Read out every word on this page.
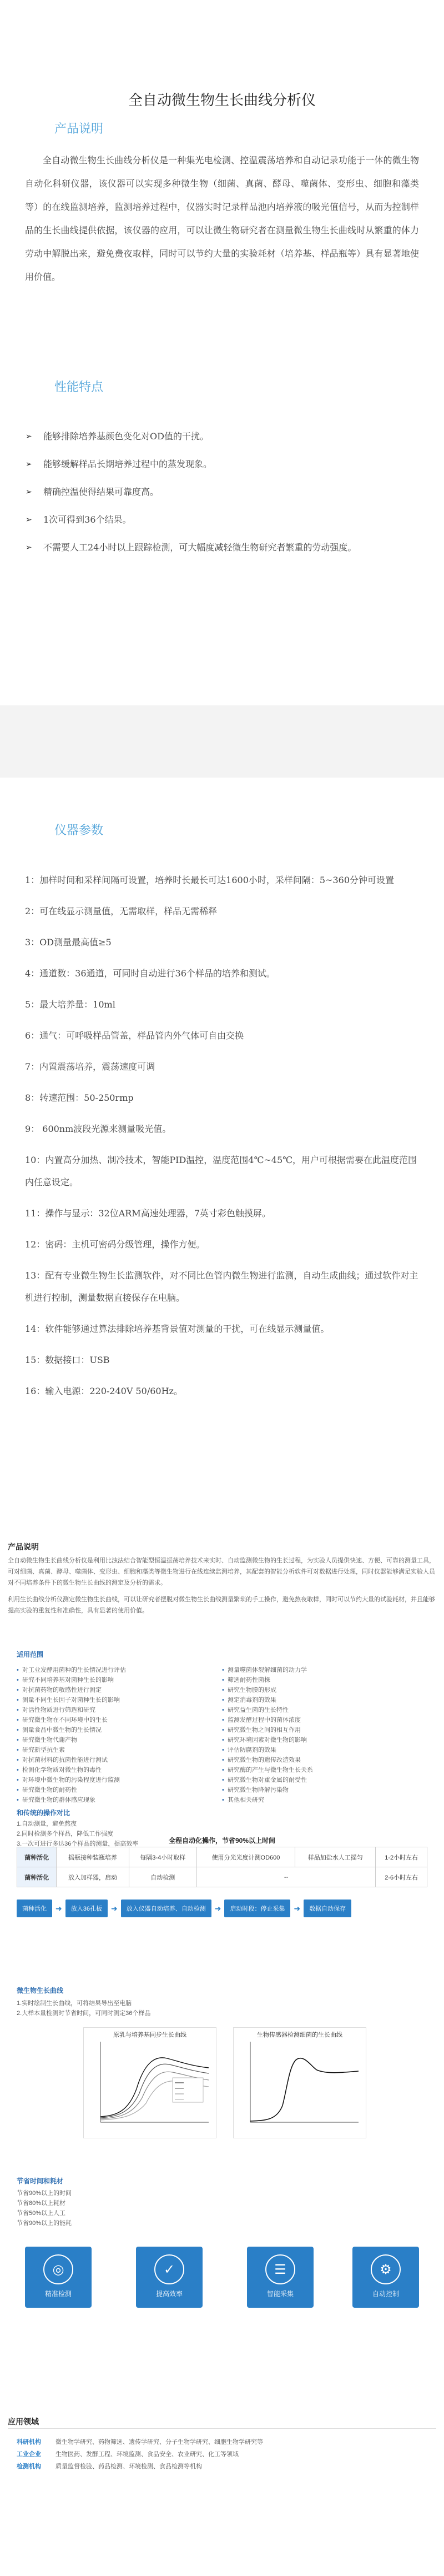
全自动微生物生长曲线分析仪
产品说明
全自动微生物生长曲线分析仪是一种集光电检测、控温震荡培养和自动记录功能于一体的微生物自动化科研仪器，该仪器可以实现多种微生物（细菌、真菌、酵母、噬菌体、变形虫、细胞和藻类等）的在线监测培养，监测培养过程中，仪器实时记录样品池内培养液的吸光值信号，从而为控制样品的生长曲线提供依据，该仪器的应用，可以让微生物研究者在测量微生物生长曲线时从繁重的体力劳动中解脱出来，避免费夜取样，同时可以节约大量的实验耗材（培养基、样品瓶等）具有显著地使用价值。
性能特点
➢ 能够排除培养基颜色变化对OD值的干扰。
➢ 能够缓解样品长期培养过程中的蒸发现象。
➢ 精确控温使得结果可靠度高。
➢ 1次可得到36个结果。
➢ 不需要人工24小时以上跟踪检测，可大幅度减轻微生物研究者繁重的劳动强度。
仪器参数

1：加样时间和采样间隔可设置，培养时长最长可达1600小时，采样间隔：5~360分钟可设置

2：可在线显示测量值，无需取样，样品无需稀释

3：OD测量最高值≥5

4：通道数：36通道，可同时自动进行36个样品的培养和测试。

5：最大培养量：10ml

6：通气：可呼吸样品管盖，样品管内外气体可自由交换

7：内置震荡培养，震荡速度可调

8：转速范围：50-250rmp

9： 600nm波段光源来测量吸光值。

10：内置高分加热、制冷技术，智能PID温控，温度范围4℃~45℃，用户可根据需要在此温度范围内任意设定。

11：操作与显示：32位ARM高速处理器，7英寸彩色触摸屏。

12：密码：主机可密码分级管理，操作方便。

13：配有专业微生物生长监测软件，对不同比色管内微生物进行监测，自动生成曲线；通过软件对主机进行控制，测量数据直接保存在电脑。

14：软件能够通过算法排除培养基背景值对测量的干扰，可在线显示测量值。

15：数据接口：USB

16：输入电源：220-240V 50/60Hz。

产品说明
全自动微生物生长曲线分析仪是利用比浊法结合智能型恒温振荡培养技术来实时、自动监测微生物的生长过程，为实验人员提供快速、方便、可靠的测量工具，可对细菌、真菌、酵母、噬菌体、变形虫、细胞和藻类等微生物进行在线连续监测培养，其配套的智能分析软件可对数据进行处理，同时仪器能够满足实验人员对不同培养条件下的微生物生长曲线的测定及分析的需求。
利用生长曲线分析仪测定微生物生长曲线，可以让研究者摆脱对微生物生长曲线测量繁琐的手工操作，避免熬夜取样，同时可以节约大量的试验耗材，并且能够提高实验的重复性和准确性，具有显著的使用价值。
适用范围
• 对工业发酵用菌种的生长情况进行评估
• 研究不同培养基对菌种生长的影响
• 对抗菌药物的敏感性进行测定
• 测量不同生长因子对菌种生长的影响
• 对活性物质进行筛选和研究
• 研究微生物在不同环境中的生长
• 测量食品中微生物的生长情况
• 研究微生物代谢产物
• 研究新型抗生素
• 对抗菌材料的抗菌性能进行测试
• 检测化学物质对微生物的毒性
• 对环境中微生物的污染程度进行监测
• 研究微生物的耐药性
• 研究微生物的群体感应现象
• 测量噬菌体裂解细菌的动力学
• 筛选耐药性菌株
• 研究生物膜的形成
• 测定消毒剂的效果
• 研究益生菌的生长特性
• 监测发酵过程中的菌体浓度
• 研究微生物之间的相互作用
• 研究环境因素对微生物的影响
• 评估防腐剂的效果
• 研究微生物的遗传改造效果
• 研究酶的产生与微生物生长关系
• 研究微生物对重金属的耐受性
• 研究微生物降解污染物
• 其他相关研究
和传统的操作对比
1.自动测量，避免熬夜
2.同时检测多个样品，降低工作强度
3.一次可进行多达36个样品的测量，提高效率	全程自动化操作，节省90%以上时间
菌种活化	摇瓶接种装瓶培养	每隔3-4小时取样	使用分光光度计测OD600	样品加盐水人工摇匀	1-2小时左右
菌种活化	放入加样器，启动	自动检测	--		2-6小时左右
菌种活化	➜	放入36孔板	➜	放入仪器自动培养、自动检测	➜	启动时段：停止采集	➜	数据自动保存
微生物生长曲线
1.实时绘制生长曲线，可将结果导出至电脑
2.大样本量检测时节省时间，可同时测定36个样品
原乳与培养基同步生长曲线	生物传感器检测细菌的生长曲线
节省时间和耗材
节省90%以上的时间
节省80%以上耗材
节省50%以上人工
节省90%以上的能耗
◎
精准检测
✓
提高效率
☰
智能采集
⚙
自动控制
应用领域
科研机构 微生物学研究、药物筛选、遗传学研究、分子生物学研究、细胞生物学研究等
工业企业 生物医药、发酵工程、环境监测、食品安全、农业研究、化工等领域
检测机构 质量监督检验、药品检测、环境检测、食品检测等机构
